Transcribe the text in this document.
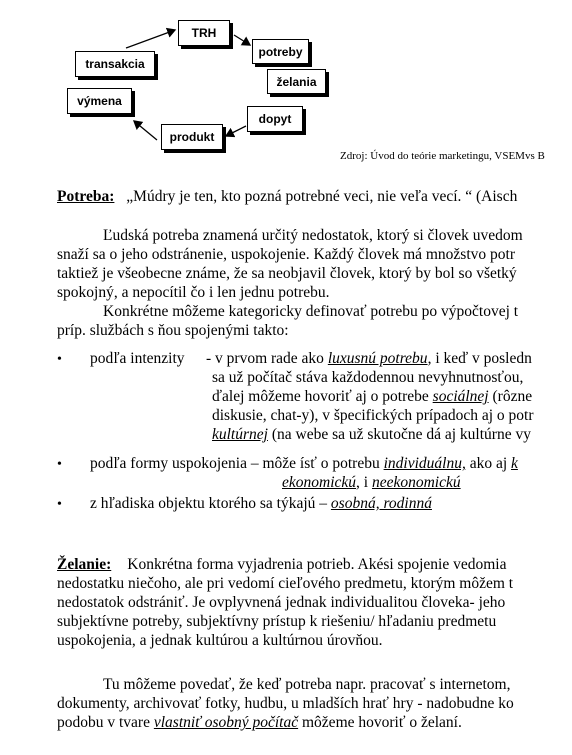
TRH
potreby
želania
dopyt
produkt
výmena
transakcia
Zdroj: Úvod do teórie marketingu, VSEMvs B
Potreba: „Múdry je ten, kto pozná potrebné veci, nie veľa vecí. “ (Aisch
Ľudská potreba znamená určitý nedostatok, ktorý si človek uvedom
snaží sa o jeho odstránenie, uspokojenie. Každý človek má množstvo potr
taktiež je všeobecne známe, že sa neobjavil človek, ktorý by bol so všetký
spokojný, a nepocítil čo i len jednu potrebu.
Konkrétne môžeme kategoricky definovať potrebu po výpočtovej t
príp. službách s ňou spojenými takto:
• podľa intenzity - v prvom rade ako luxusnú potrebu, i keď v posledn
sa už počítač stáva každodennou nevyhnutnosťou,
ďalej môžeme hovoriť aj o potrebe sociálnej (rôzne
diskusie, chat-y), v špecifických prípadoch aj o potr
kultúrnej (na webe sa už skutočne dá aj kultúrne vy
• podľa formy uspokojenia – môže ísť o potrebu individuálnu, ako aj k
ekonomickú, i neekonomickú
• z hľadiska objektu ktorého sa týkajú – osobná, rodinná
Želanie: Konkrétna forma vyjadrenia potrieb. Akési spojenie vedomia
nedostatku niečoho, ale pri vedomí cieľového predmetu, ktorým môžem t
nedostatok odstrániť. Je ovplyvnená jednak individualitou človeka- jeho
subjektívne potreby, subjektívny prístup k riešeniu/ hľadaniu predmetu
uspokojenia, a jednak kultúrou a kultúrnou úrovňou.
Tu môžeme povedať, že keď potreba napr. pracovať s internetom,
dokumenty, archivovať fotky, hudbu, u mladších hrať hry - nadobudne ko
podobu v tvare vlastniť osobný počítač môžeme hovoriť o želaní.
